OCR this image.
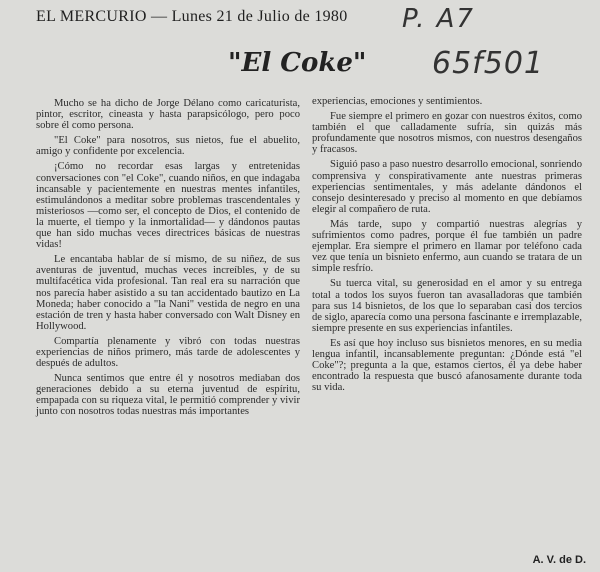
EL MERCURIO — Lunes 21 de Julio de 1980 P. A7
65f501
"El Coke"

Mucho se ha dicho de Jorge Délano como caricaturista, pintor, escritor, cineasta y hasta parapsicólogo, pero poco sobre él como persona.

"El Coke" para nosotros, sus nietos, fue el abuelito, amigo y confidente por excelencia.

¡Cómo no recordar esas largas y entretenidas conversaciones con "el Coke", cuando niños, en que indagaba incansable y pacientemente en nuestras mentes infantiles, estimulándonos a meditar sobre problemas trascendentales y misteriosos —como ser, el concepto de Dios, el contenido de la muerte, el tiempo y la inmortalidad— y dándonos pautas que han sido muchas veces directrices básicas de nuestras vidas!

Le encantaba hablar de sí mismo, de su niñez, de sus aventuras de juventud, muchas veces increíbles, y de su multifacética vida profesional. Tan real era su narración que nos parecía haber asistido a su tan accidentado bautizo en La Moneda; haber conocido a "la Nani" vestida de negro en una estación de tren y hasta haber conversado con Walt Disney en Hollywood.

Compartía plenamente y vibró con todas nuestras experiencias de niños primero, más tarde de adolescentes y después de adultos.

Nunca sentimos que entre él y nosotros mediaban dos generaciones debido a su eterna juventud de espíritu, empapada con su riqueza vital, le permitió comprender y vivir junto con nosotros todas nuestras más importantes

experiencias, emociones y sentimientos.

Fue siempre el primero en gozar con nuestros éxitos, como también el que calladamente sufría, sin quizás más profundamente que nosotros mismos, con nuestros desengaños y fracasos.

Siguió paso a paso nuestro desarrollo emocional, sonriendo comprensiva y conspirativamente ante nuestras primeras experiencias sentimentales, y más adelante dándonos el consejo desinteresado y preciso al momento en que debíamos elegir al compañero de ruta.

Más tarde, supo y compartió nuestras alegrías y sufrimientos como padres, porque él fue también un padre ejemplar. Era siempre el primero en llamar por teléfono cada vez que tenía un bisnieto enfermo, aun cuando se tratara de un simple resfrío.

Su tuerca vital, su generosidad en el amor y su entrega total a todos los suyos fueron tan avasalladoras que también para sus 14 bisnietos, de los que lo separaban casi dos tercios de siglo, aparecía como una persona fascinante e irremplazable, siempre presente en sus experiencias infantiles.

Es así que hoy incluso sus bisnietos menores, en su media lengua infantil, incansablemente preguntan: ¿Dónde está "el Coke"?; pregunta a la que, estamos ciertos, él ya debe haber encontrado la respuesta que buscó afanosamente durante toda su vida.

A. V. de D.
